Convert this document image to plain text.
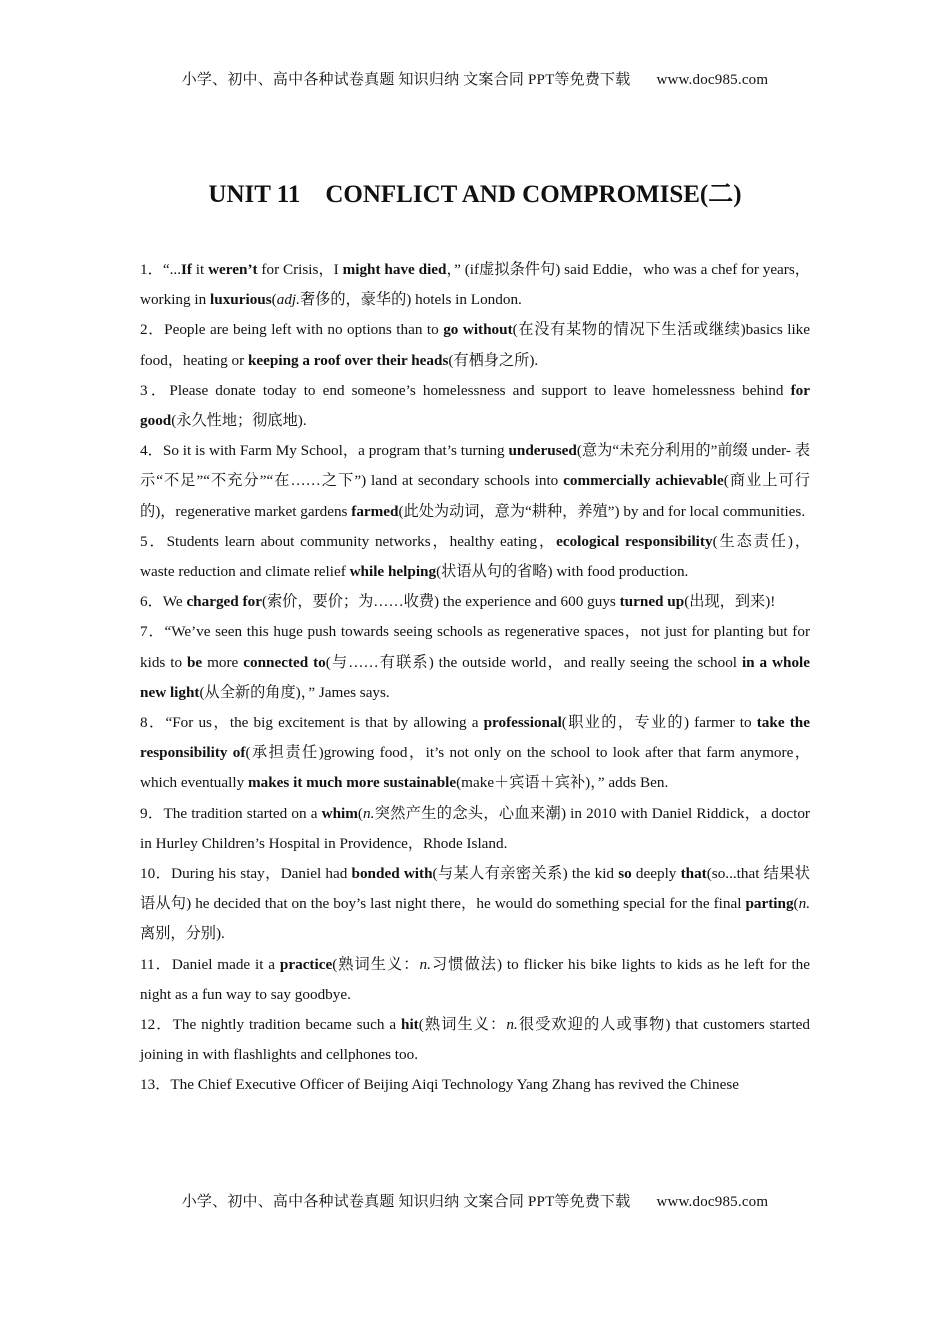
小学、初中、高中各种试卷真题 知识归纳 文案合同 PPT等免费下载 www.doc985.com
UNIT 11    CONFLICT AND COMPROMISE(二)

1．“...If it weren’t for Crisis，I might have died，” (if虚拟条件句) said Eddie，who was a chef for years，working in luxurious(adj.奢侈的，豪华的) hotels in London.

2．People are being left with no options than to go without(在没有某物的情况下生活或继续)basics like food，heating or keeping a roof over their heads(有栖身之所).

3．Please donate today to end someone’s homelessness and support to leave homelessness behind for good(永久性地；彻底地).

4．So it is with Farm My School，a program that’s turning underused(意为“未充分利用的”前缀 under- 表示“不足”“不充分”“在……之下”) land at secondary schools into commercially achievable(商业上可行的)，regenerative market gardens farmed(此处为动词，意为“耕种，养殖”) by and for local communities.

5．Students learn about community networks，healthy eating，ecological responsibility(生态责任)，waste reduction and climate relief while helping(状语从句的省略) with food production.

6．We charged for(索价，要价；为……收费) the experience and 600 guys turned up(出现，到来)!

7．“We’ve seen this huge push towards seeing schools as regenerative spaces，not just for planting but for kids to be more connected to(与……有联系) the outside world，and really seeing the school in a whole new light(从全新的角度)，” James says.

8．“For us，the big excitement is that by allowing a professional(职业的，专业的) farmer to take the responsibility of(承担责任)growing food，it’s not only on the school to look after that farm anymore，which eventually makes it much more sustainable(make＋宾语＋宾补)，” adds Ben.

9．The tradition started on a whim(n.突然产生的念头，心血来潮) in 2010 with Daniel Riddick，a doctor in Hurley Children’s Hospital in Providence，Rhode Island.

10．During his stay，Daniel had bonded with(与某人有亲密关系) the kid so deeply that(so...that 结果状语从句) he decided that on the boy’s last night there，he would do something special for the final parting(n.离别，分别).

11．Daniel made it a practice(熟词生义：n.习惯做法) to flicker his bike lights to kids as he left for the night as a fun way to say goodbye.

12．The nightly tradition became such a hit(熟词生义：n.很受欢迎的人或事物) that customers started joining in with flashlights and cellphones too.

13．The Chief Executive Officer of Beijing Aiqi Technology Yang Zhang has revived the Chinese

小学、初中、高中各种试卷真题 知识归纳 文案合同 PPT等免费下载 www.doc985.com
